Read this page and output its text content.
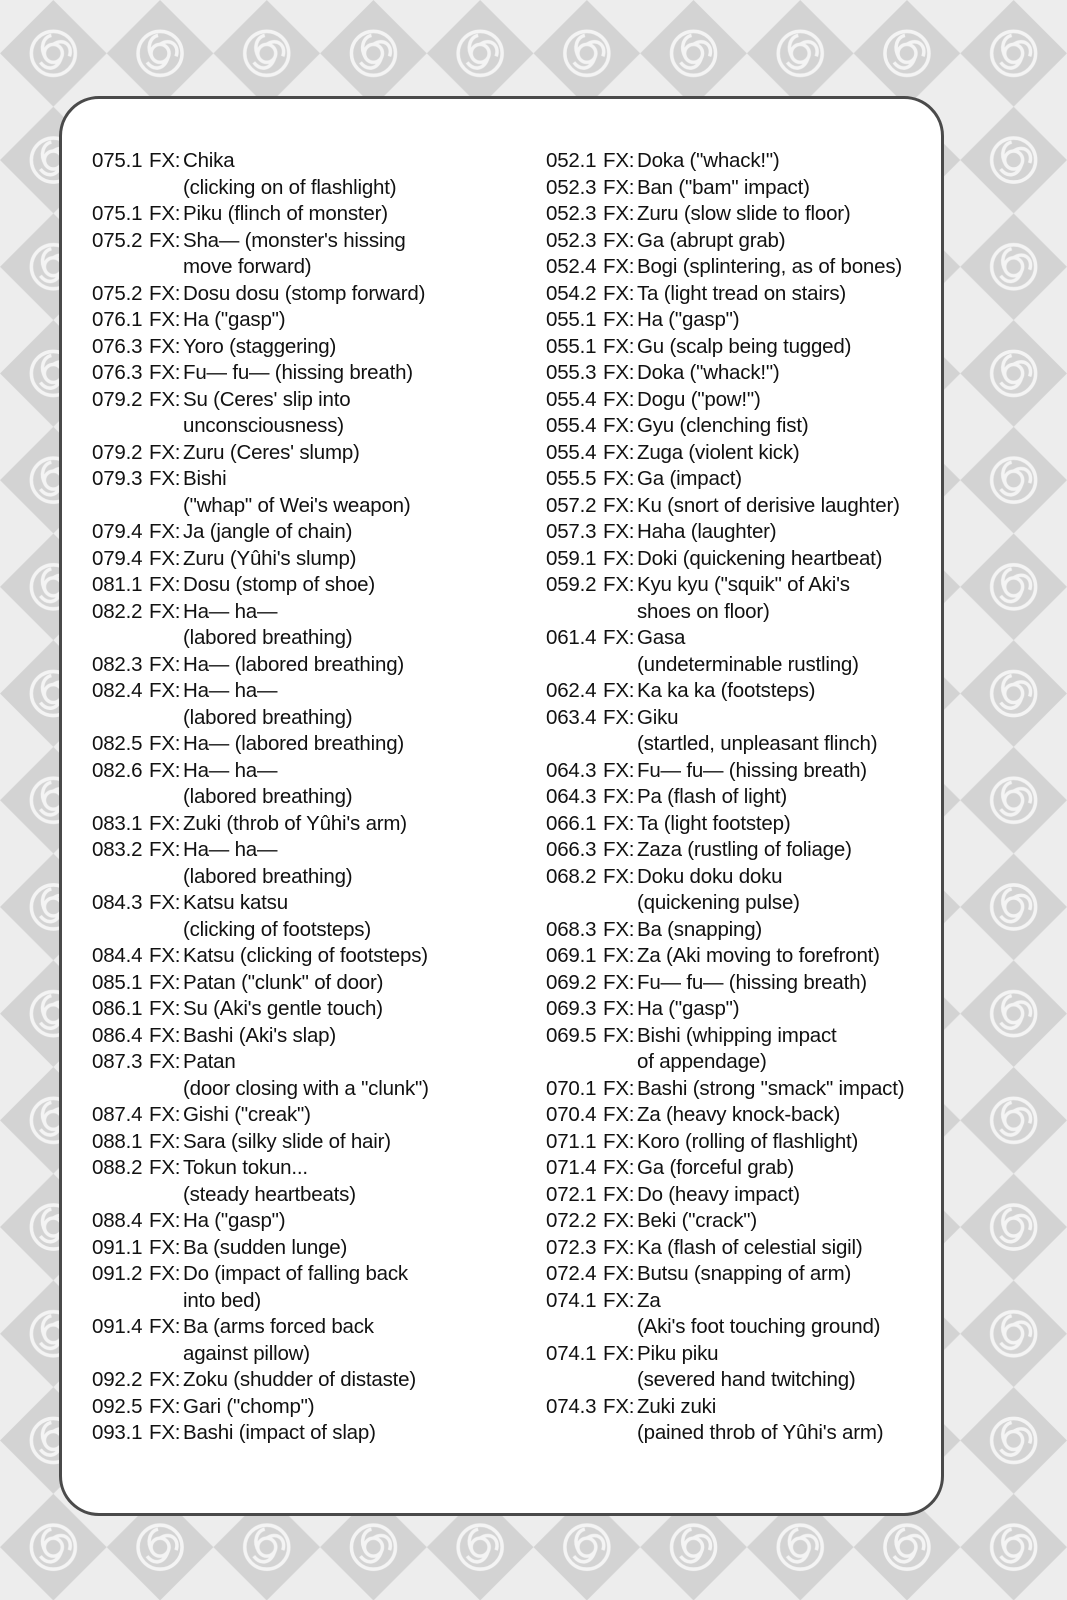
075.1 FX: Chika
(clicking on of flashlight)
075.1 FX: Piku (flinch of monster)
075.2 FX: Sha— (monster's hissing
move forward)
075.2 FX: Dosu dosu (stomp forward)
076.1 FX: Ha ("gasp")
076.3 FX: Yoro (staggering)
076.3 FX: Fu— fu— (hissing breath)
079.2 FX: Su (Ceres' slip into
unconsciousness)
079.2 FX: Zuru (Ceres' slump)
079.3 FX: Bishi
("whap" of Wei's weapon)
079.4 FX: Ja (jangle of chain)
079.4 FX: Zuru (Yûhi's slump)
081.1 FX: Dosu (stomp of shoe)
082.2 FX: Ha— ha—
(labored breathing)
082.3 FX: Ha— (labored breathing)
082.4 FX: Ha— ha—
(labored breathing)
082.5 FX: Ha— (labored breathing)
082.6 FX: Ha— ha—
(labored breathing)
083.1 FX: Zuki (throb of Yûhi's arm)
083.2 FX: Ha— ha—
(labored breathing)
084.3 FX: Katsu katsu
(clicking of footsteps)
084.4 FX: Katsu (clicking of footsteps)
085.1 FX: Patan ("clunk" of door)
086.1 FX: Su (Aki's gentle touch)
086.4 FX: Bashi (Aki's slap)
087.3 FX: Patan
(door closing with a "clunk")
087.4 FX: Gishi ("creak")
088.1 FX: Sara (silky slide of hair)
088.2 FX: Tokun tokun...
(steady heartbeats)
088.4 FX: Ha ("gasp")
091.1 FX: Ba (sudden lunge)
091.2 FX: Do (impact of falling back
into bed)
091.4 FX: Ba (arms forced back
against pillow)
092.2 FX: Zoku (shudder of distaste)
092.5 FX: Gari ("chomp")
093.1 FX: Bashi (impact of slap)
052.1 FX: Doka ("whack!")
052.3 FX: Ban ("bam" impact)
052.3 FX: Zuru (slow slide to floor)
052.3 FX: Ga (abrupt grab)
052.4 FX: Bogi (splintering, as of bones)
054.2 FX: Ta (light tread on stairs)
055.1 FX: Ha ("gasp")
055.1 FX: Gu (scalp being tugged)
055.3 FX: Doka ("whack!")
055.4 FX: Dogu ("pow!")
055.4 FX: Gyu (clenching fist)
055.4 FX: Zuga (violent kick)
055.5 FX: Ga (impact)
057.2 FX: Ku (snort of derisive laughter)
057.3 FX: Haha (laughter)
059.1 FX: Doki (quickening heartbeat)
059.2 FX: Kyu kyu ("squik" of Aki's
shoes on floor)
061.4 FX: Gasa
(undeterminable rustling)
062.4 FX: Ka ka ka (footsteps)
063.4 FX: Giku
(startled, unpleasant flinch)
064.3 FX: Fu— fu— (hissing breath)
064.3 FX: Pa (flash of light)
066.1 FX: Ta (light footstep)
066.3 FX: Zaza (rustling of foliage)
068.2 FX: Doku doku doku
(quickening pulse)
068.3 FX: Ba (snapping)
069.1 FX: Za (Aki moving to forefront)
069.2 FX: Fu— fu— (hissing breath)
069.3 FX: Ha ("gasp")
069.5 FX: Bishi (whipping impact
of appendage)
070.1 FX: Bashi (strong "smack" impact)
070.4 FX: Za (heavy knock-back)
071.1 FX: Koro (rolling of flashlight)
071.4 FX: Ga (forceful grab)
072.1 FX: Do (heavy impact)
072.2 FX: Beki ("crack")
072.3 FX: Ka (flash of celestial sigil)
072.4 FX: Butsu (snapping of arm)
074.1 FX: Za
(Aki's foot touching ground)
074.1 FX: Piku piku
(severed hand twitching)
074.3 FX: Zuki zuki
(pained throb of Yûhi's arm)
